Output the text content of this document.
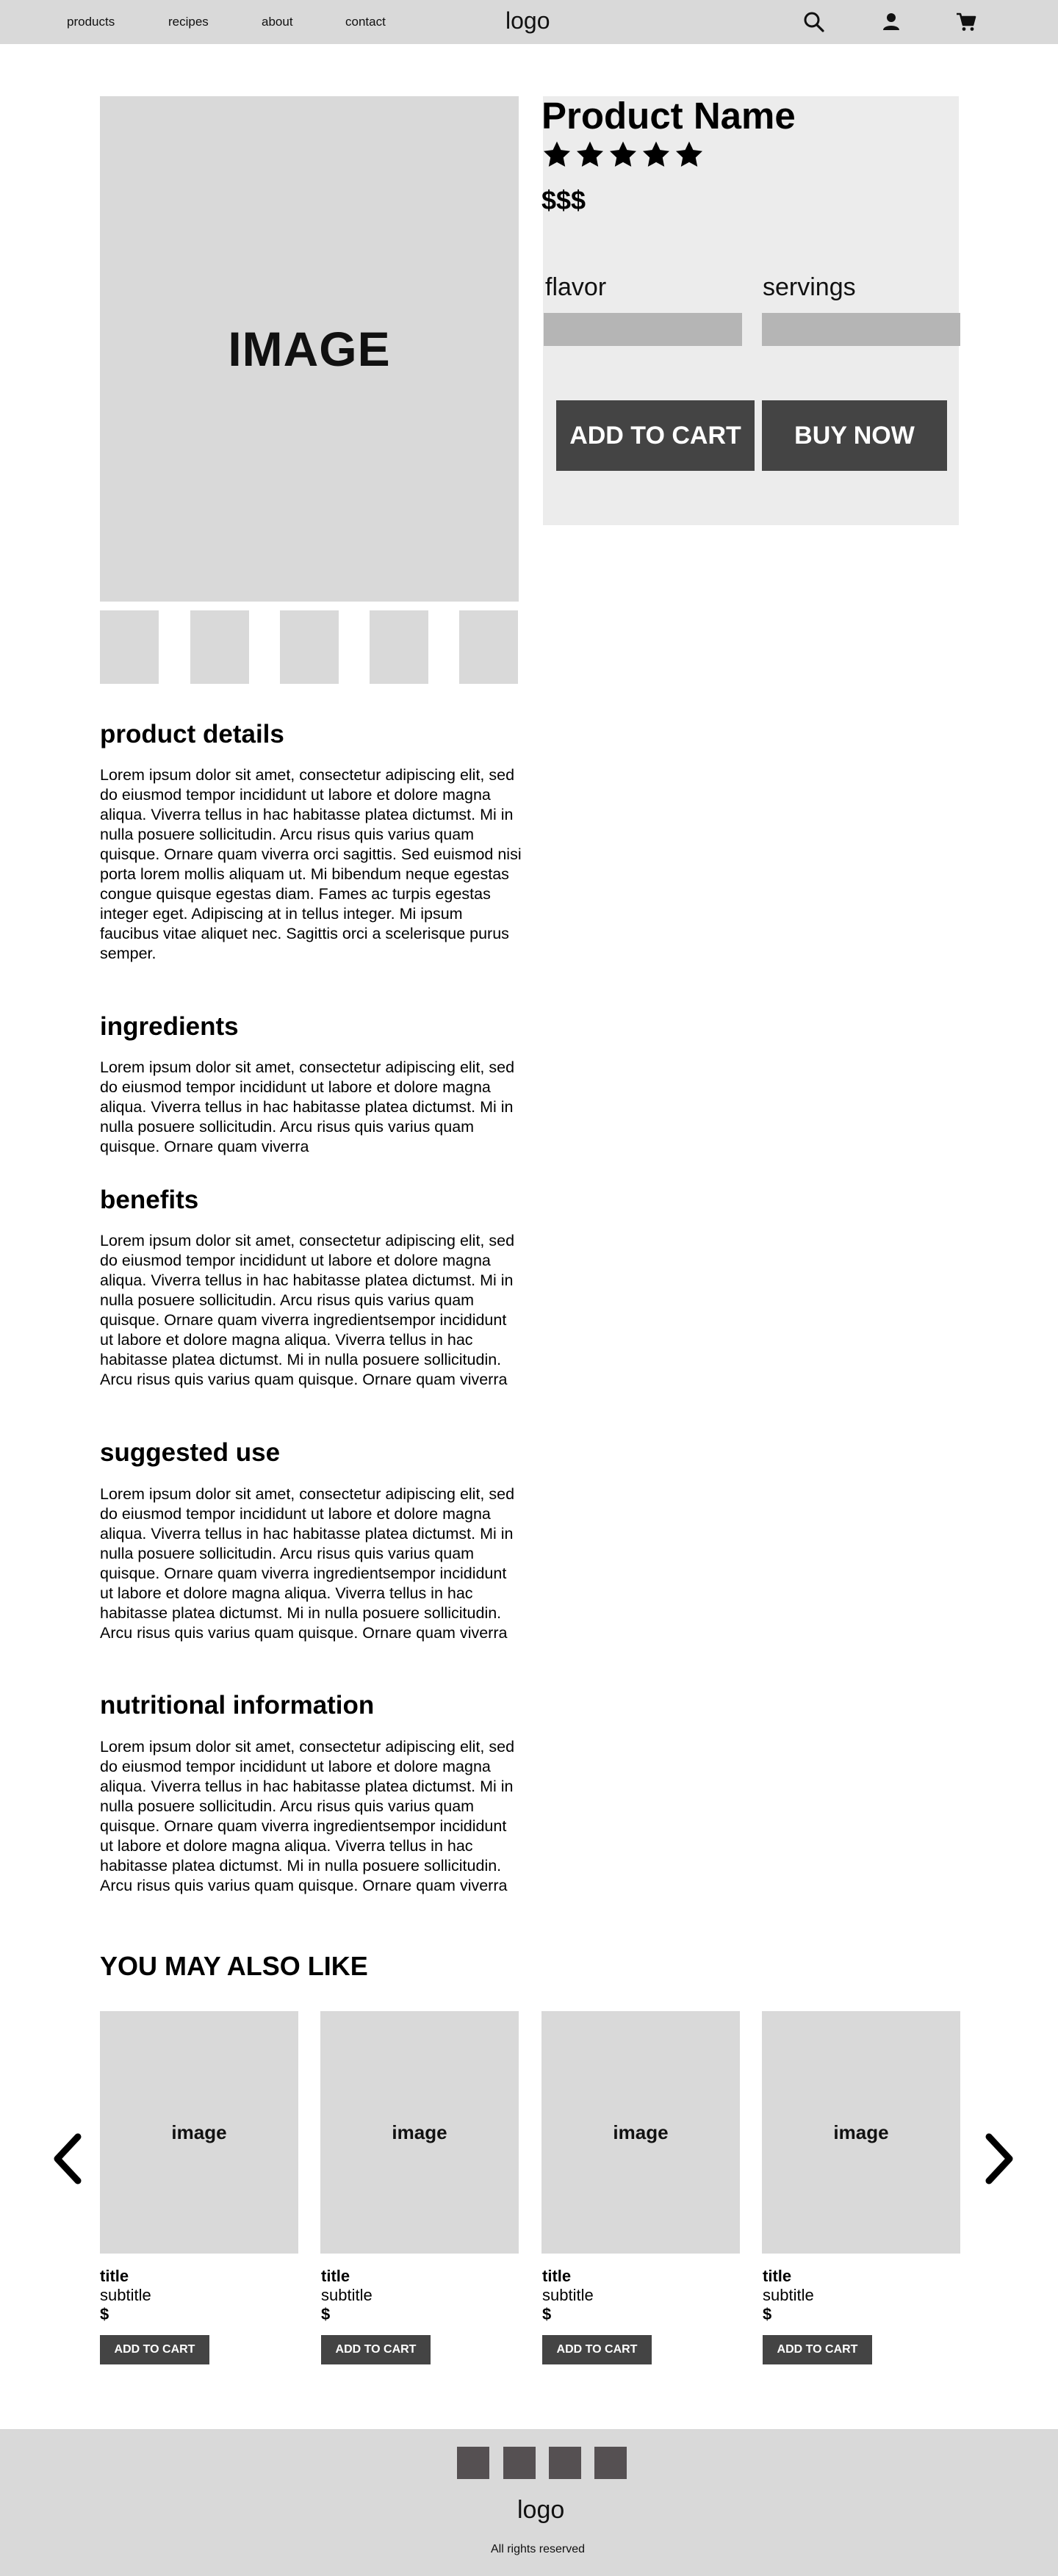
products	recipes	about	contact	logo
IMAGE
Product Name
$$$
flavor	servings
ADD TO CART	BUY NOW
product details
Lorem ipsum dolor sit amet, consectetur adipiscing elit, sed do eiusmod tempor incididunt ut labore et dolore magna aliqua. Viverra tellus in hac habitasse platea dictumst. Mi in nulla posuere sollicitudin. Arcu risus quis varius quam quisque. Ornare quam viverra orci sagittis. Sed euismod nisi porta lorem mollis aliquam ut. Mi bibendum neque egestas congue quisque egestas diam. Fames ac turpis egestas integer eget. Adipiscing at in tellus integer. Mi ipsum faucibus vitae aliquet nec. Sagittis orci a scelerisque purus semper.
ingredients
Lorem ipsum dolor sit amet, consectetur adipiscing elit, sed do eiusmod tempor incididunt ut labore et dolore magna aliqua. Viverra tellus in hac habitasse platea dictumst. Mi in nulla posuere sollicitudin. Arcu risus quis varius quam quisque. Ornare quam viverra
benefits
Lorem ipsum dolor sit amet, consectetur adipiscing elit, sed do eiusmod tempor incididunt ut labore et dolore magna aliqua. Viverra tellus in hac habitasse platea dictumst. Mi in nulla posuere sollicitudin. Arcu risus quis varius quam quisque. Ornare quam viverra ingredientsempor incididunt ut labore et dolore magna aliqua. Viverra tellus in hac habitasse platea dictumst. Mi in nulla posuere sollicitudin. Arcu risus quis varius quam quisque. Ornare quam viverra
suggested use
Lorem ipsum dolor sit amet, consectetur adipiscing elit, sed do eiusmod tempor incididunt ut labore et dolore magna aliqua. Viverra tellus in hac habitasse platea dictumst. Mi in nulla posuere sollicitudin. Arcu risus quis varius quam quisque. Ornare quam viverra ingredientsempor incididunt ut labore et dolore magna aliqua. Viverra tellus in hac habitasse platea dictumst. Mi in nulla posuere sollicitudin. Arcu risus quis varius quam quisque. Ornare quam viverra
nutritional information
Lorem ipsum dolor sit amet, consectetur adipiscing elit, sed do eiusmod tempor incididunt ut labore et dolore magna aliqua. Viverra tellus in hac habitasse platea dictumst. Mi in nulla posuere sollicitudin. Arcu risus quis varius quam quisque. Ornare quam viverra ingredientsempor incididunt ut labore et dolore magna aliqua. Viverra tellus in hac habitasse platea dictumst. Mi in nulla posuere sollicitudin. Arcu risus quis varius quam quisque. Ornare quam viverra
YOU MAY ALSO LIKE
image
title
subtitle
$
ADD TO CART
image
title
subtitle
$
ADD TO CART
image
title
subtitle
$
ADD TO CART
image
title
subtitle
$
ADD TO CART
logo
All rights reserved
